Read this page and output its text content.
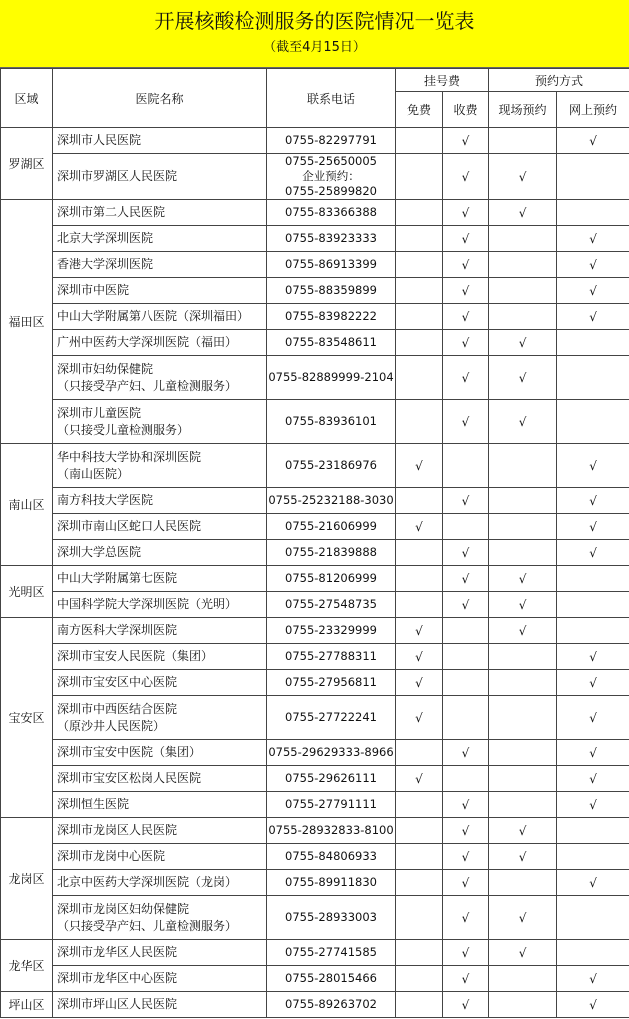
开展核酸检测服务的医院情况一览表
（截至4月15日）
区域	医院名称	联系电话	挂号费		预约方式	
			免费	收费	现场预约	网上预约
罗湖区	深圳市人民医院	0755-82297791		√		√

	深圳市罗湖区人民医院	0755-25650005
企业预约：
0755-25899820		√	√	
福田区	深圳市第二人民医院	0755-83366388		√	√	

	北京大学深圳医院	0755-83923333		√		√

	香港大学深圳医院	0755-86913399		√		√

	深圳市中医院	0755-88359899		√		√

	中山大学附属第八医院（深圳福田）	0755-83982222		√		√

	广州中医药大学深圳医院（福田）	0755-83548611		√	√	

	深圳市妇幼保健院
（只接受孕产妇、儿童检测服务）	0755-82889999-2104		√	√	

	深圳市儿童医院
（只接受儿童检测服务）	0755-83936101		√	√	
南山区	华中科技大学协和深圳医院
（南山医院）	0755-23186976	√			√

	南方科技大学医院	0755-25232188-3030		√		√

	深圳市南山区蛇口人民医院	0755-21606999	√			√

	深圳大学总医院	0755-21839888		√		√
光明区	中山大学附属第七医院	0755-81206999		√	√	

	中国科学院大学深圳医院（光明）	0755-27548735		√	√	
宝安区	南方医科大学深圳医院	0755-23329999	√		√	

	深圳市宝安人民医院（集团）	0755-27788311	√			√

	深圳市宝安区中心医院	0755-27956811	√			√

	深圳市中西医结合医院
（原沙井人民医院）	0755-27722241	√			√

	深圳市宝安中医院（集团）	0755-29629333-8966		√		√

	深圳市宝安区松岗人民医院	0755-29626111	√			√

	深圳恒生医院	0755-27791111		√		√
龙岗区	深圳市龙岗区人民医院	0755-28932833-8100		√	√	

	深圳市龙岗中心医院	0755-84806933		√	√	

	北京中医药大学深圳医院（龙岗）	0755-89911830		√		√

	深圳市龙岗区妇幼保健院
（只接受孕产妇、儿童检测服务）	0755-28933003		√	√	
龙华区	深圳市龙华区人民医院	0755-27741585		√	√	

	深圳市龙华区中心医院	0755-28015466		√		√
坪山区	深圳市坪山区人民医院	0755-89263702		√		√
